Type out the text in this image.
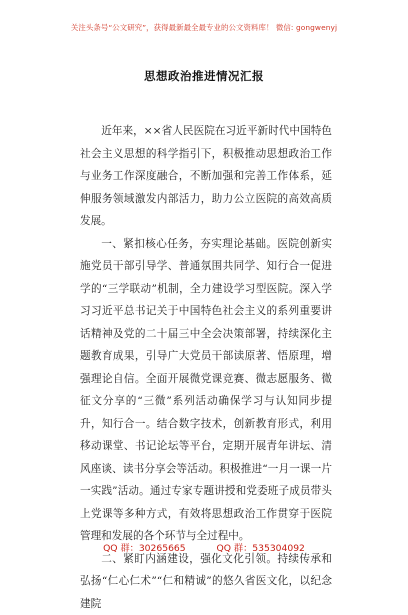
关注头条号“公文研究”，获得最新最全最专业的公文资料库！ 微信: gongwenyj
思想政治推进情况汇报

近年来，××省人民医院在习近平新时代中国特色社会主义思想的科学指引下，积极推动思想政治工作与业务工作深度融合，不断加强和完善工作体系，延伸服务领域激发内部活力，助力公立医院的高效高质发展。

一、紧扣核心任务，夯实理论基础。医院创新实施党员干部引导学、普通氛围共同学、知行合一促进学的“三学联动”机制，全力建设学习型医院。深入学习习近平总书记关于中国特色社会主义的系列重要讲话精神及党的二十届三中全会决策部署，持续深化主题教育成果，引导广大党员干部读原著、悟原理，增强理论自信。全面开展微党课竞赛、微志愿服务、微征文分享的“三微”系列活动确保学习与认知同步提升，知行合一。结合数字技术，创新教育形式，利用移动课堂、书记论坛等平台，定期开展青年讲坛、清风座谈、读书分享会等活动。积极推进“一月一课一片一实践”活动。通过专家专题讲授和党委班子成员带头上党课等多种方式，有效将思想政治工作贯穿于医院管理和发展的各个环节与全过程中。

二、紧盯内涵建设，强化文化引领。持续传承和弘扬“仁心仁术”“仁和精诚”的悠久省医文化，以纪念建院

QQ 群：30265665	QQ 群：535304092
